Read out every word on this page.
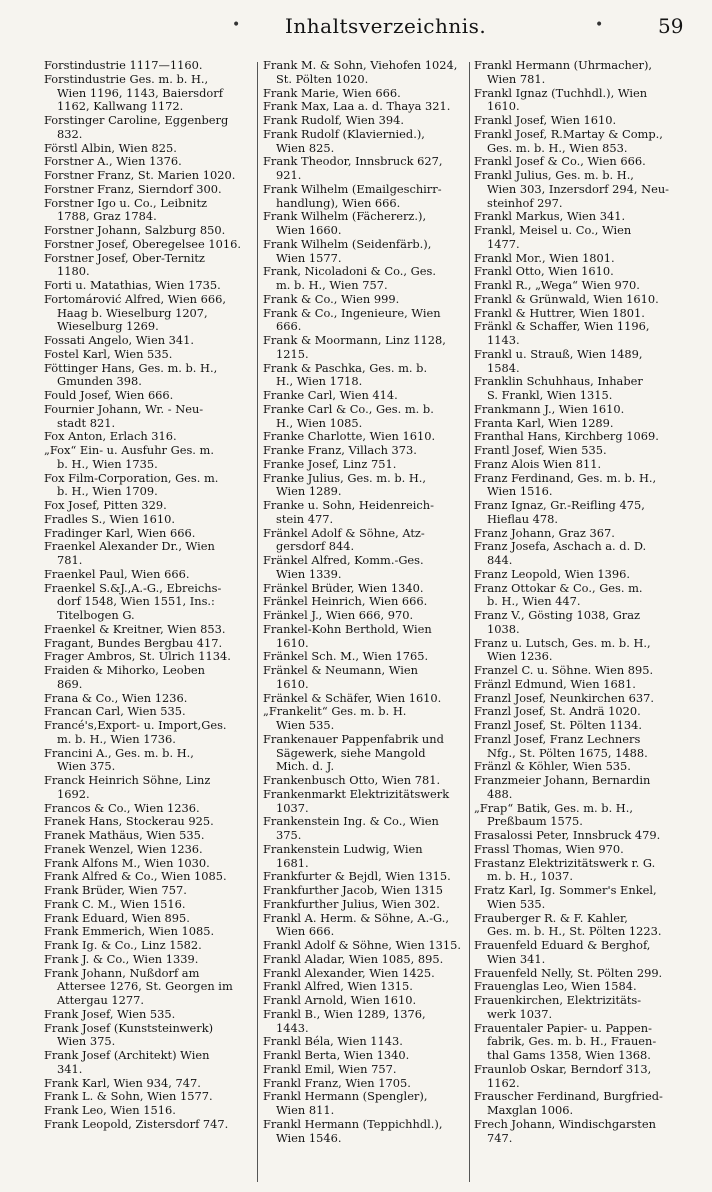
• Inhaltsverzeichnis.	•	59
Forstindustrie 1117—1160.
Forstindustrie Ges. m. b. H.,
Wien 1196, 1143, Baiersdorf
1162, Kallwang 1172.
Forstinger Caroline, Eggenberg
832.
Förstl Albin, Wien 825.
Forstner A., Wien 1376.
Forstner Franz, St. Marien 1020.
Forstner Franz, Sierndorf 300.
Forstner Igo u. Co., Leibnitz
1788, Graz 1784.
Forstner Johann, Salzburg 850.
Forstner Josef, Oberegelsee 1016.
Forstner Josef, Ober-Ternitz
1180.
Forti u. Matathias, Wien 1735.
Fortomárović Alfred, Wien 666,
Haag b. Wieselburg 1207,
Wieselburg 1269.
Fossati Angelo, Wien 341.
Fostel Karl, Wien 535.
Föttinger Hans, Ges. m. b. H.,
Gmunden 398.
Fould Josef, Wien 666.
Fournier Johann, Wr. - Neu-
stadt 821.
Fox Anton, Erlach 316.
„Fox“ Ein- u. Ausfuhr Ges. m.
b. H., Wien 1735.
Fox Film-Corporation, Ges. m.
b. H., Wien 1709.
Fox Josef, Pitten 329.
Fradles S., Wien 1610.
Fradinger Karl, Wien 666.
Fraenkel Alexander Dr., Wien
781.
Fraenkel Paul, Wien 666.
Fraenkel S.&J.,A.-G., Ebreichs-
dorf 1548, Wien 1551, Ins.:
Titelbogen G.
Fraenkel & Kreitner, Wien 853.
Fragant, Bundes Bergbau 417.
Frager Ambros, St. Ulrich 1134.
Fraiden & Mihorko, Leoben
869.
Frana & Co., Wien 1236.
Francan Carl, Wien 535.
Francé's,Export- u. Import,Ges.
m. b. H., Wien 1736.
Francini A., Ges. m. b. H.,
Wien 375.
Franck Heinrich Söhne, Linz
1692.
Francos & Co., Wien 1236.
Franek Hans, Stockerau 925.
Franek Mathäus, Wien 535.
Franek Wenzel, Wien 1236.
Frank Alfons M., Wien 1030.
Frank Alfred & Co., Wien 1085.
Frank Brüder, Wien 757.
Frank C. M., Wien 1516.
Frank Eduard, Wien 895.
Frank Emmerich, Wien 1085.
Frank Ig. & Co., Linz 1582.
Frank J. & Co., Wien 1339.
Frank Johann, Nußdorf am
Attersee 1276, St. Georgen im
Attergau 1277.
Frank Josef, Wien 535.
Frank Josef (Kunststeinwerk)
Wien 375.
Frank Josef (Architekt) Wien
341.
Frank Karl, Wien 934, 747.
Frank L. & Sohn, Wien 1577.
Frank Leo, Wien 1516.
Frank Leopold, Zistersdorf 747.
Frank M. & Sohn, Viehofen 1024,
St. Pölten 1020.
Frank Marie, Wien 666.
Frank Max, Laa a. d. Thaya 321.
Frank Rudolf, Wien 394.
Frank Rudolf (Klaviernied.),
Wien 825.
Frank Theodor, Innsbruck 627,
921.
Frank Wilhelm (Emailgeschirr-
handlung), Wien 666.
Frank Wilhelm (Fächererz.),
Wien 1660.
Frank Wilhelm (Seidenfärb.),
Wien 1577.
Frank, Nicoladoni & Co., Ges.
m. b. H., Wien 757.
Frank & Co., Wien 999.
Frank & Co., Ingenieure, Wien
666.
Frank & Moormann, Linz 1128,
1215.
Frank & Paschka, Ges. m. b.
H., Wien 1718.
Franke Carl, Wien 414.
Franke Carl & Co., Ges. m. b.
H., Wien 1085.
Franke Charlotte, Wien 1610.
Franke Franz, Villach 373.
Franke Josef, Linz 751.
Franke Julius, Ges. m. b. H.,
Wien 1289.
Franke u. Sohn, Heidenreich-
stein 477.
Fränkel Adolf & Söhne, Atz-
gersdorf 844.
Fränkel Alfred, Komm.-Ges.
Wien 1339.
Fränkel Brüder, Wien 1340.
Fränkel Heinrich, Wien 666.
Fränkel J., Wien 666, 970.
Frankel-Kohn Berthold, Wien
1610.
Fränkel Sch. M., Wien 1765.
Fränkel & Neumann, Wien
1610.
Fränkel & Schäfer, Wien 1610.
„Frankelit“ Ges. m. b. H.
Wien 535.
Frankenauer Pappenfabrik und
Sägewerk, siehe Mangold
Mich. d. J.
Frankenbusch Otto, Wien 781.
Frankenmarkt Elektrizitätswerk
1037.
Frankenstein Ing. & Co., Wien
375.
Frankenstein Ludwig, Wien
1681.
Frankfurter & Bejdl, Wien 1315.
Frankfurther Jacob, Wien 1315
Frankfurther Julius, Wien 302.
Frankl A. Herm. & Söhne, A.-G.,
Wien 666.
Frankl Adolf & Söhne, Wien 1315.
Frankl Aladar, Wien 1085, 895.
Frankl Alexander, Wien 1425.
Frankl Alfred, Wien 1315.
Frankl Arnold, Wien 1610.
Frankl B., Wien 1289, 1376,
1443.
Frankl Béla, Wien 1143.
Frankl Berta, Wien 1340.
Frankl Emil, Wien 757.
Frankl Franz, Wien 1705.
Frankl Hermann (Spengler),
Wien 811.
Frankl Hermann (Teppichhdl.),
Wien 1546.
Frankl Hermann (Uhrmacher),
Wien 781.
Frankl Ignaz (Tuchhdl.), Wien
1610.
Frankl Josef, Wien 1610.
Frankl Josef, R.Martay & Comp.,
Ges. m. b. H., Wien 853.
Frankl Josef & Co., Wien 666.
Frankl Julius, Ges. m. b. H.,
Wien 303, Inzersdorf 294, Neu-
steinhof 297.
Frankl Markus, Wien 341.
Frankl, Meisel u. Co., Wien
1477.
Frankl Mor., Wien 1801.
Frankl Otto, Wien 1610.
Frankl R., „Wega“ Wien 970.
Frankl & Grünwald, Wien 1610.
Frankl & Huttrer, Wien 1801.
Fränkl & Schaffer, Wien 1196,
1143.
Frankl u. Strauß, Wien 1489,
1584.
Franklin Schuhhaus, Inhaber
S. Frankl, Wien 1315.
Frankmann J., Wien 1610.
Franta Karl, Wien 1289.
Franthal Hans, Kirchberg 1069.
Frantl Josef, Wien 535.
Franz Alois Wien 811.
Franz Ferdinand, Ges. m. b. H.,
Wien 1516.
Franz Ignaz, Gr.-Reifling 475,
Hieflau 478.
Franz Johann, Graz 367.
Franz Josefa, Aschach a. d. D.
844.
Franz Leopold, Wien 1396.
Franz Ottokar & Co., Ges. m.
b. H., Wien 447.
Franz V., Gösting 1038, Graz
1038.
Franz u. Lutsch, Ges. m. b. H.,
Wien 1236.
Franzel C. u. Söhne. Wien 895.
Fränzl Edmund, Wien 1681.
Franzl Josef, Neunkirchen 637.
Franzl Josef, St. Andrä 1020.
Franzl Josef, St. Pölten 1134.
Franzl Josef, Franz Lechners
Nfg., St. Pölten 1675, 1488.
Fränzl & Köhler, Wien 535.
Franzmeier Johann, Bernardin
488.
„Frap“ Batik, Ges. m. b. H.,
Preßbaum 1575.
Frasalossi Peter, Innsbruck 479.
Frassl Thomas, Wien 970.
Frastanz Elektrizitätswerk r. G.
m. b. H., 1037.
Fratz Karl, Ig. Sommer's Enkel,
Wien 535.
Frauberger R. & F. Kahler,
Ges. m. b. H., St. Pölten 1223.
Frauenfeld Eduard & Berghof,
Wien 341.
Frauenfeld Nelly, St. Pölten 299.
Frauenglas Leo, Wien 1584.
Frauenkirchen, Elektrizitäts-
werk 1037.
Frauentaler Papier- u. Pappen-
fabrik, Ges. m. b. H., Frauen-
thal Gams 1358, Wien 1368.
Fraunlob Oskar, Berndorf 313,
1162.
Frauscher Ferdinand, Burgfried-
Maxglan 1006.
Frech Johann, Windischgarsten
747.
